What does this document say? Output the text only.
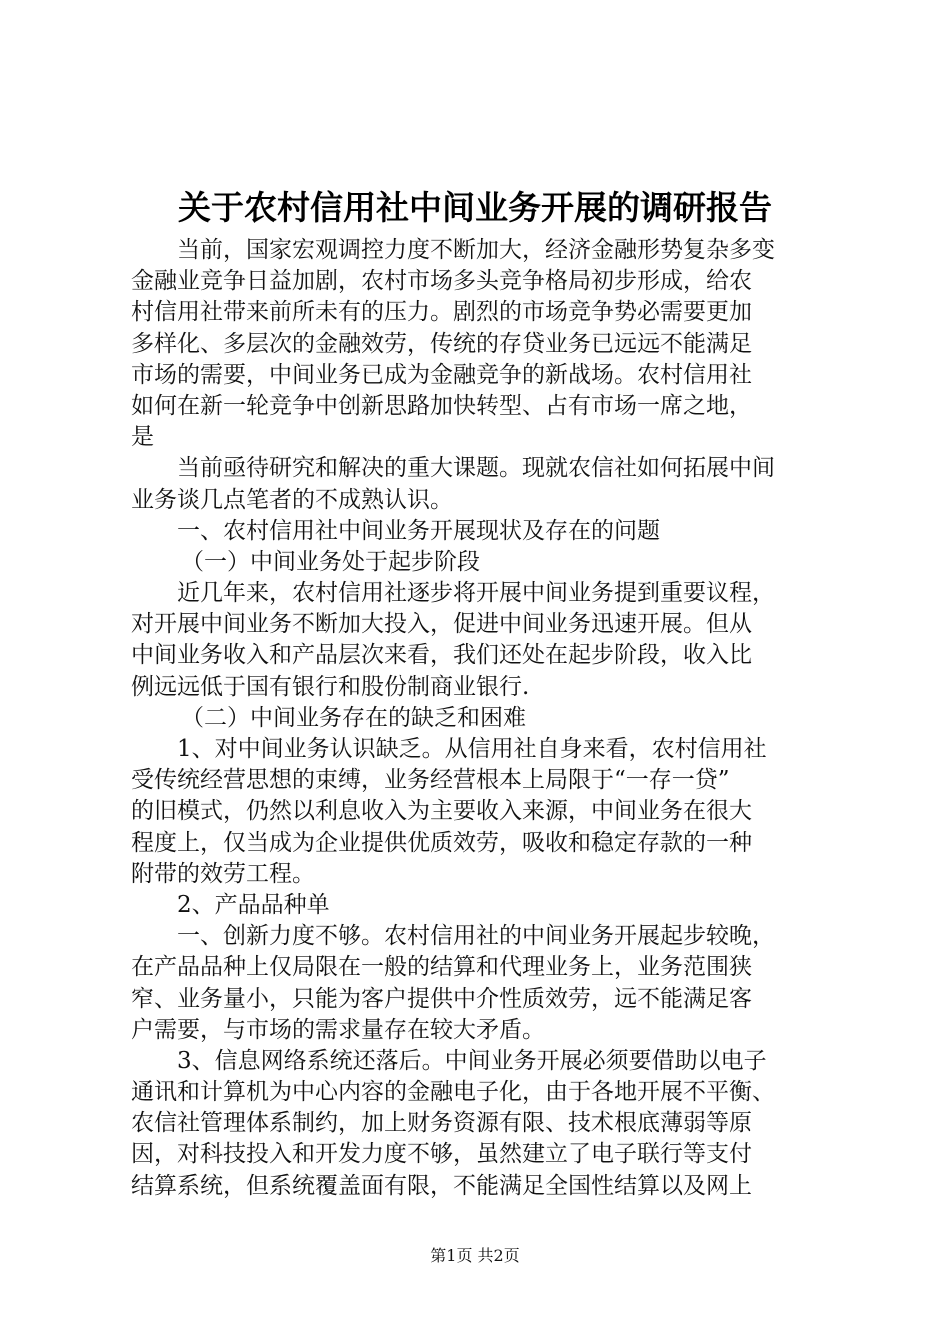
关于农村信用社中间业务开展的调研报告
当前，国家宏观调控力度不断加大，经济金融形势复杂多变
金融业竞争日益加剧，农村市场多头竞争格局初步形成，给农
村信用社带来前所未有的压力。剧烈的市场竞争势必需要更加
多样化、多层次的金融效劳，传统的存贷业务已远远不能满足
市场的需要，中间业务已成为金融竞争的新战场。农村信用社
如何在新一轮竞争中创新思路加快转型、占有市场一席之地，
是
当前亟待研究和解决的重大课题。现就农信社如何拓展中间
业务谈几点笔者的不成熟认识。
一、农村信用社中间业务开展现状及存在的问题
（一）中间业务处于起步阶段
近几年来，农村信用社逐步将开展中间业务提到重要议程，
对开展中间业务不断加大投入，促进中间业务迅速开展。但从
中间业务收入和产品层次来看，我们还处在起步阶段，收入比
例远远低于国有银行和股份制商业银行.
（二）中间业务存在的缺乏和困难
1、对中间业务认识缺乏。从信用社自身来看，农村信用社
受传统经营思想的束缚，业务经营根本上局限于“一存一贷”
的旧模式，仍然以利息收入为主要收入来源，中间业务在很大
程度上，仅当成为企业提供优质效劳，吸收和稳定存款的一种
附带的效劳工程。
2、产品品种单
一、创新力度不够。农村信用社的中间业务开展起步较晚，
在产品品种上仅局限在一般的结算和代理业务上，业务范围狭
窄、业务量小，只能为客户提供中介性质效劳，远不能满足客
户需要，与市场的需求量存在较大矛盾。
3、信息网络系统还落后。中间业务开展必须要借助以电子
通讯和计算机为中心内容的金融电子化，由于各地开展不平衡、
农信社管理体系制约，加上财务资源有限、技术根底薄弱等原
因，对科技投入和开发力度不够，虽然建立了电子联行等支付
结算系统，但系统覆盖面有限，不能满足全国性结算以及网上
第1页 共2页
